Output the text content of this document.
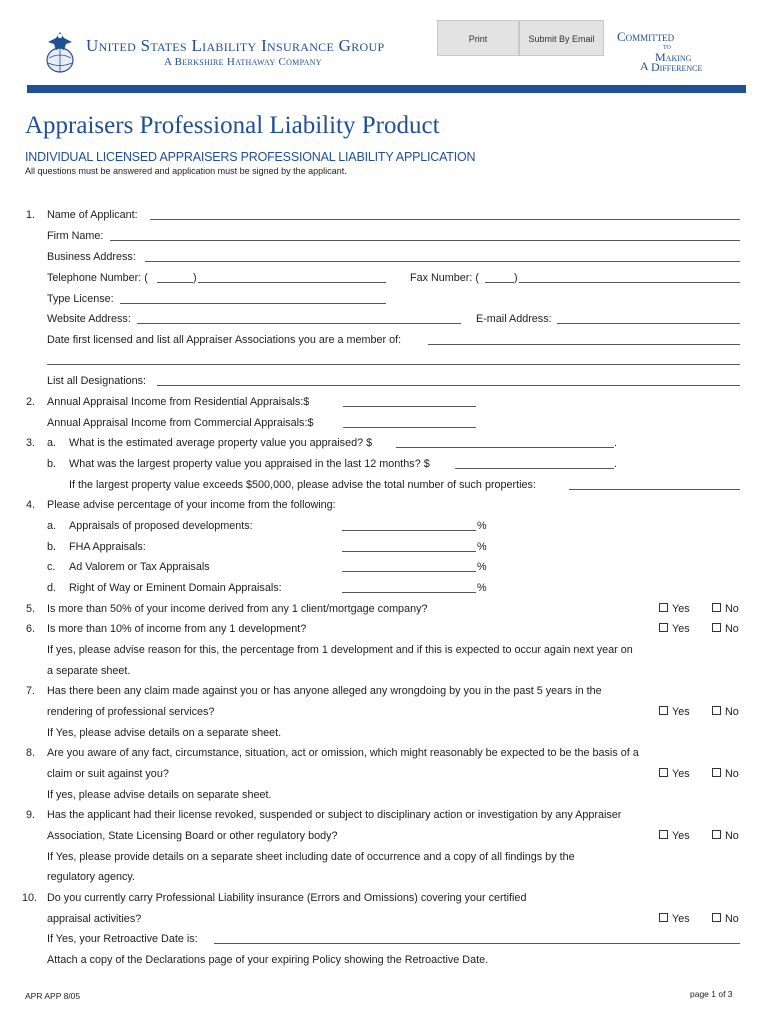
United States Liability Insurance Group
A Berkshire Hathaway Company
Print	Submit By Email	Committed
to
Making
A Difference
Appraisers Professional Liability Product
INDIVIDUAL LICENSED APPRAISERS PROFESSIONAL LIABILITY APPLICATION
All questions must be answered and application must be signed by the applicant.
1. Name of Applicant:
Firm Name:
Business Address:
Telephone Number: (	)	Fax Number: (	)
Type License:
Website Address:	E-mail Address:
Date first licensed and list all Appraiser Associations you are a member of:
List all Designations:
2. Annual Appraisal Income from Residential Appraisals:$
Annual Appraisal Income from Commercial Appraisals:$
3. a. What is the estimated average property value you appraised? $	.
b. What was the largest property value you appraised in the last 12 months? $	.
If the largest property value exceeds $500,000, please advise the total number of such properties:
4. Please advise percentage of your income from the following:
a. Appraisals of proposed developments:	%
b. FHA Appraisals:	%
c. Ad Valorem or Tax Appraisals	%
d. Right of Way or Eminent Domain Appraisals:	%
5. Is more than 50% of your income derived from any 1 client/mortgage company?	Yes	No
6. Is more than 10% of income from any 1 development?	Yes	No
If yes, please advise reason for this, the percentage from 1 development and if this is expected to occur again next year on
a separate sheet.
7. Has there been any claim made against you or has anyone alleged any wrongdoing by you in the past 5 years in the
rendering of professional services?	Yes	No
If Yes, please advise details on a separate sheet.
8. Are you aware of any fact, circumstance, situation, act or omission, which might reasonably be expected to be the basis of a
claim or suit against you?	Yes	No
If yes, please advise details on separate sheet.
9. Has the applicant had their license revoked, suspended or subject to disciplinary action or investigation by any Appraiser
Association, State Licensing Board or other regulatory body?	Yes	No
If Yes, please provide details on a separate sheet including date of occurrence and a copy of all findings by the
regulatory agency.
10. Do you currently carry Professional Liability insurance (Errors and Omissions) covering your certified
appraisal activities?	Yes	No
If Yes, your Retroactive Date is:
Attach a copy of the Declarations page of your expiring Policy showing the Retroactive Date.
APR APP 8/05	page 1 of 3
